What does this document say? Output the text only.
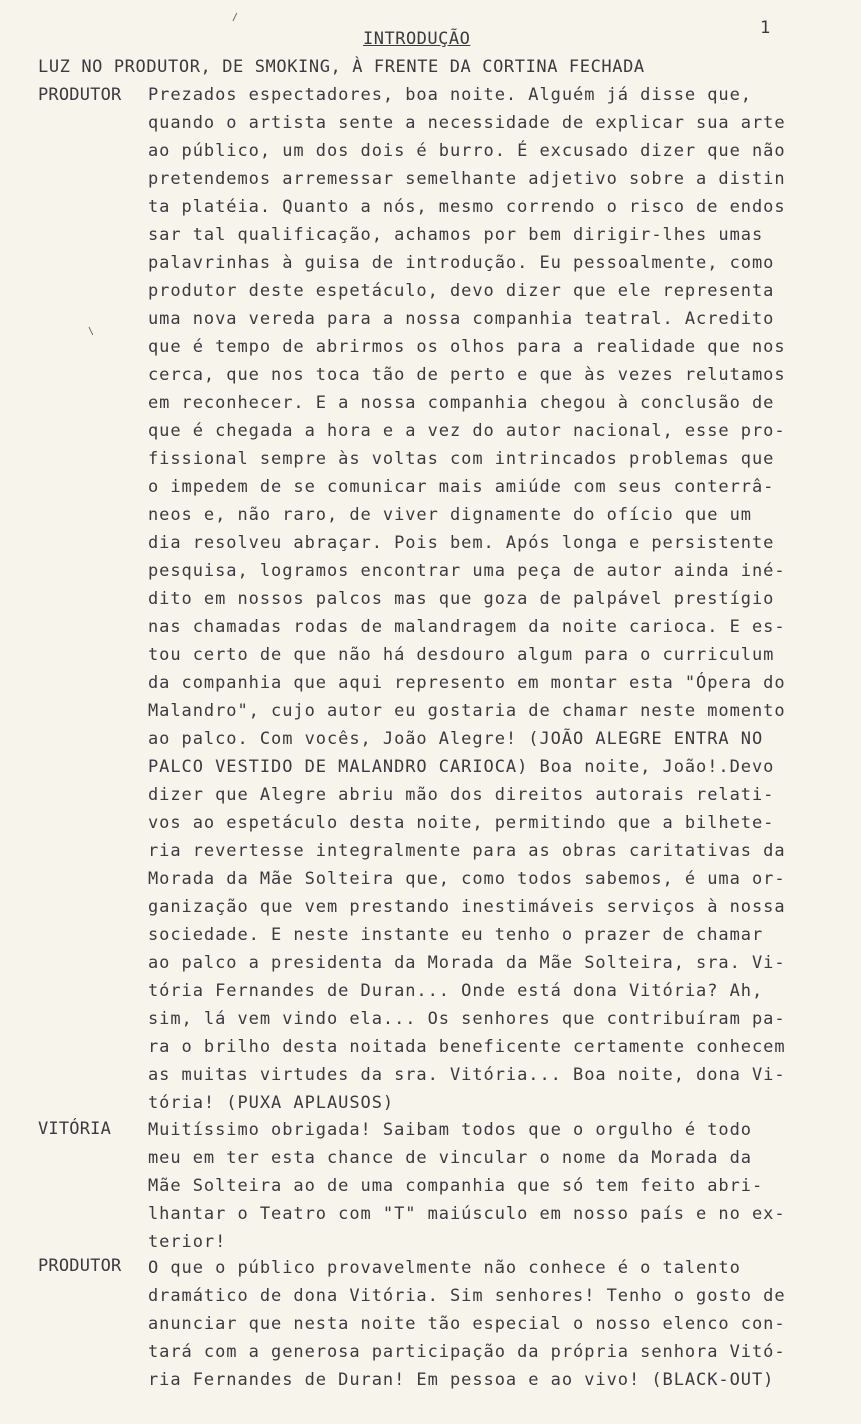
1
INTRODUÇÃO
LUZ NO PRODUTOR, DE SMOKING, À FRENTE DA CORTINA FECHADA
PRODUTOR Prezados espectadores, boa noite. Alguém já disse que,
quando o artista sente a necessidade de explicar sua arte
ao público, um dos dois é burro. É excusado dizer que não
pretendemos arremessar semelhante adjetivo sobre a distin
ta platéia. Quanto a nós, mesmo correndo o risco de endos
sar tal qualificação, achamos por bem dirigir-lhes umas
palavrinhas à guisa de introdução. Eu pessoalmente, como
produtor deste espetáculo, devo dizer que ele representa
uma nova vereda para a nossa companhia teatral. Acredito
que é tempo de abrirmos os olhos para a realidade que nos
cerca, que nos toca tão de perto e que às vezes relutamos
em reconhecer. E a nossa companhia chegou à conclusão de
que é chegada a hora e a vez do autor nacional, esse pro-
fissional sempre às voltas com intrincados problemas que
o impedem de se comunicar mais amiúde com seus conterrâ-
neos e, não raro, de viver dignamente do ofício que um
dia resolveu abraçar. Pois bem. Após longa e persistente
pesquisa, logramos encontrar uma peça de autor ainda iné-
dito em nossos palcos mas que goza de palpável prestígio
nas chamadas rodas de malandragem da noite carioca. E es-
tou certo de que não há desdouro algum para o curriculum
da companhia que aqui represento em montar esta "Ópera do
Malandro", cujo autor eu gostaria de chamar neste momento
ao palco. Com vocês, João Alegre! (JOÃO ALEGRE ENTRA NO
PALCO VESTIDO DE MALANDRO CARIOCA) Boa noite, João!.Devo
dizer que Alegre abriu mão dos direitos autorais relati-
vos ao espetáculo desta noite, permitindo que a bilhete-
ria revertesse integralmente para as obras caritativas da
Morada da Mãe Solteira que, como todos sabemos, é uma or-
ganização que vem prestando inestimáveis serviços à nossa
sociedade. E neste instante eu tenho o prazer de chamar
ao palco a presidenta da Morada da Mãe Solteira, sra. Vi-
tória Fernandes de Duran... Onde está dona Vitória? Ah,
sim, lá vem vindo ela... Os senhores que contribuíram pa-
ra o brilho desta noitada beneficente certamente conhecem
as muitas virtudes da sra. Vitória... Boa noite, dona Vi-
tória! (PUXA APLAUSOS)
VITÓRIA Muitíssimo obrigada! Saibam todos que o orgulho é todo
meu em ter esta chance de vincular o nome da Morada da
Mãe Solteira ao de uma companhia que só tem feito abri-
lhantar o Teatro com "T" maiúsculo em nosso país e no ex-
terior!
PRODUTOR O que o público provavelmente não conhece é o talento
dramático de dona Vitória. Sim senhores! Tenho o gosto de
anunciar que nesta noite tão especial o nosso elenco con-
tará com a generosa participação da própria senhora Vitó-
ria Fernandes de Duran! Em pessoa e ao vivo! (BLACK-OUT)
\
/
